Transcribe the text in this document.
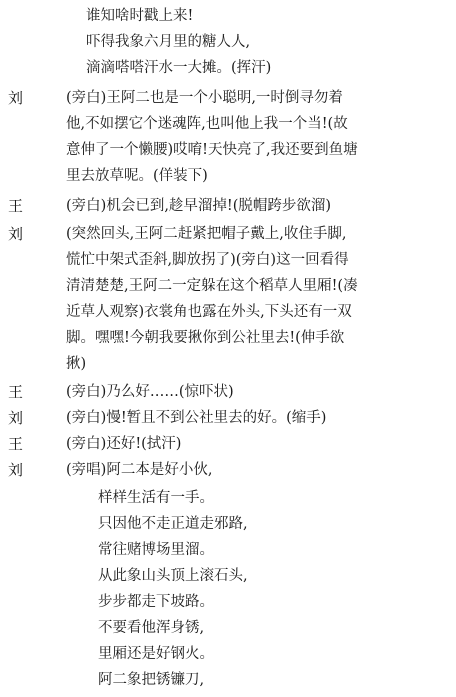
谁知啥时戳上来!
吓得我象六月里的糖人人,
滴滴嗒嗒汗水一大摊。(挥汗)
刘	(旁白)王阿二也是一个小聪明,一时倒寻勿着
他,不如摆它个迷魂阵,也叫他上我一个当!(故
意伸了一个懒腰)哎唷!天快亮了,我还要到鱼塘
里去放草呢。(佯装下)
王	(旁白)机会已到,趁早溜掉!(脱帽跨步欲溜)
刘	(突然回头,王阿二赶紧把帽子戴上,收住手脚,
慌忙中架式歪斜,脚放拐了)(旁白)这一回看得
清清楚楚,王阿二一定躲在这个稻草人里厢!(凑
近草人观察)衣裳角也露在外头,下头还有一双
脚。嘿嘿!今朝我要揪你到公社里去!(伸手欲
揪)
王	(旁白)乃么好……(惊吓状)
刘	(旁白)慢!暂且不到公社里去的好。(缩手)
王	(旁白)还好!(拭汗)
刘	(旁唱)阿二本是好小伙,
样样生活有一手。
只因他不走正道走邪路,
常往赌博场里溜。
从此象山头顶上滚石头,
步步都走下坡路。
不要看他浑身锈,
里厢还是好钢火。
阿二象把锈镰刀,
